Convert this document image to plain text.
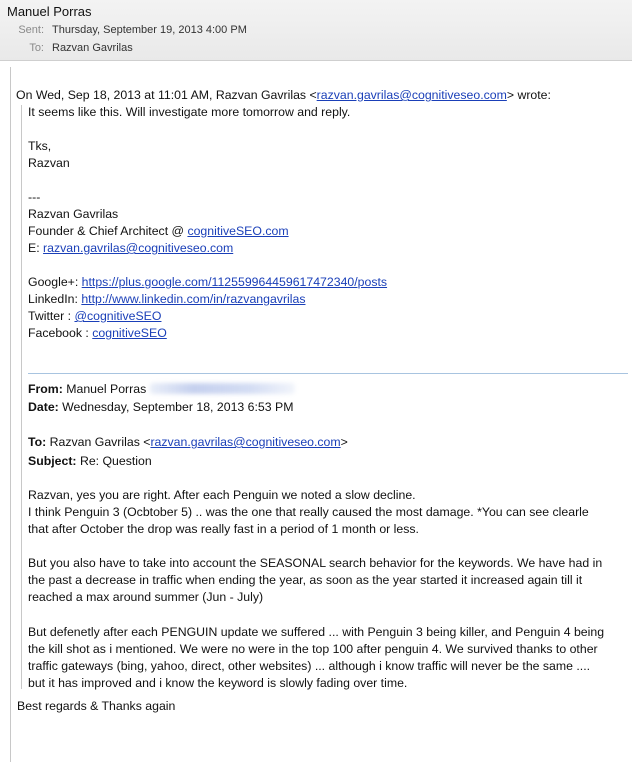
Manuel Porras
Sent: Thursday, September 19, 2013 4:00 PM
To: Razvan Gavrilas
On Wed, Sep 18, 2013 at 11:01 AM, Razvan Gavrilas <razvan.gavrilas@cognitiveseo.com> wrote:
It seems like this. Will investigate more tomorrow and reply.
Tks,
Razvan
---
Razvan Gavrilas
Founder & Chief Architect @ cognitiveSEO.com
E: razvan.gavrilas@cognitiveseo.com
Google+: https://plus.google.com/112559964459617472340/posts
LinkedIn: http://www.linkedin.com/in/razvangavrilas
Twitter : @cognitiveSEO
Facebook : cognitiveSEO
From: Manuel Porras
Date: Wednesday, September 18, 2013 6:53 PM
To: Razvan Gavrilas <razvan.gavrilas@cognitiveseo.com>
Subject: Re: Question
Razvan, yes you are right. After each Penguin we noted a slow decline.
I think Penguin 3 (Ocbtober 5) .. was the one that really caused the most damage. *You can see clearle
that after October the drop was really fast in a period of 1 month or less.
But you also have to take into account the SEASONAL search behavior for the keywords. We have had in
the past a decrease in traffic when ending the year, as soon as the year started it increased again till it
reached a max around summer (Jun - July)
But defenetly after each PENGUIN update we suffered ... with Penguin 3 being killer, and Penguin 4 being
the kill shot as i mentioned. We were no were in the top 100 after penguin 4. We survived thanks to other
traffic gateways (bing, yahoo, direct, other websites) ... although i know traffic will never be the same ....
but it has improved and i know the keyword is slowly fading over time.
Best regards & Thanks again
